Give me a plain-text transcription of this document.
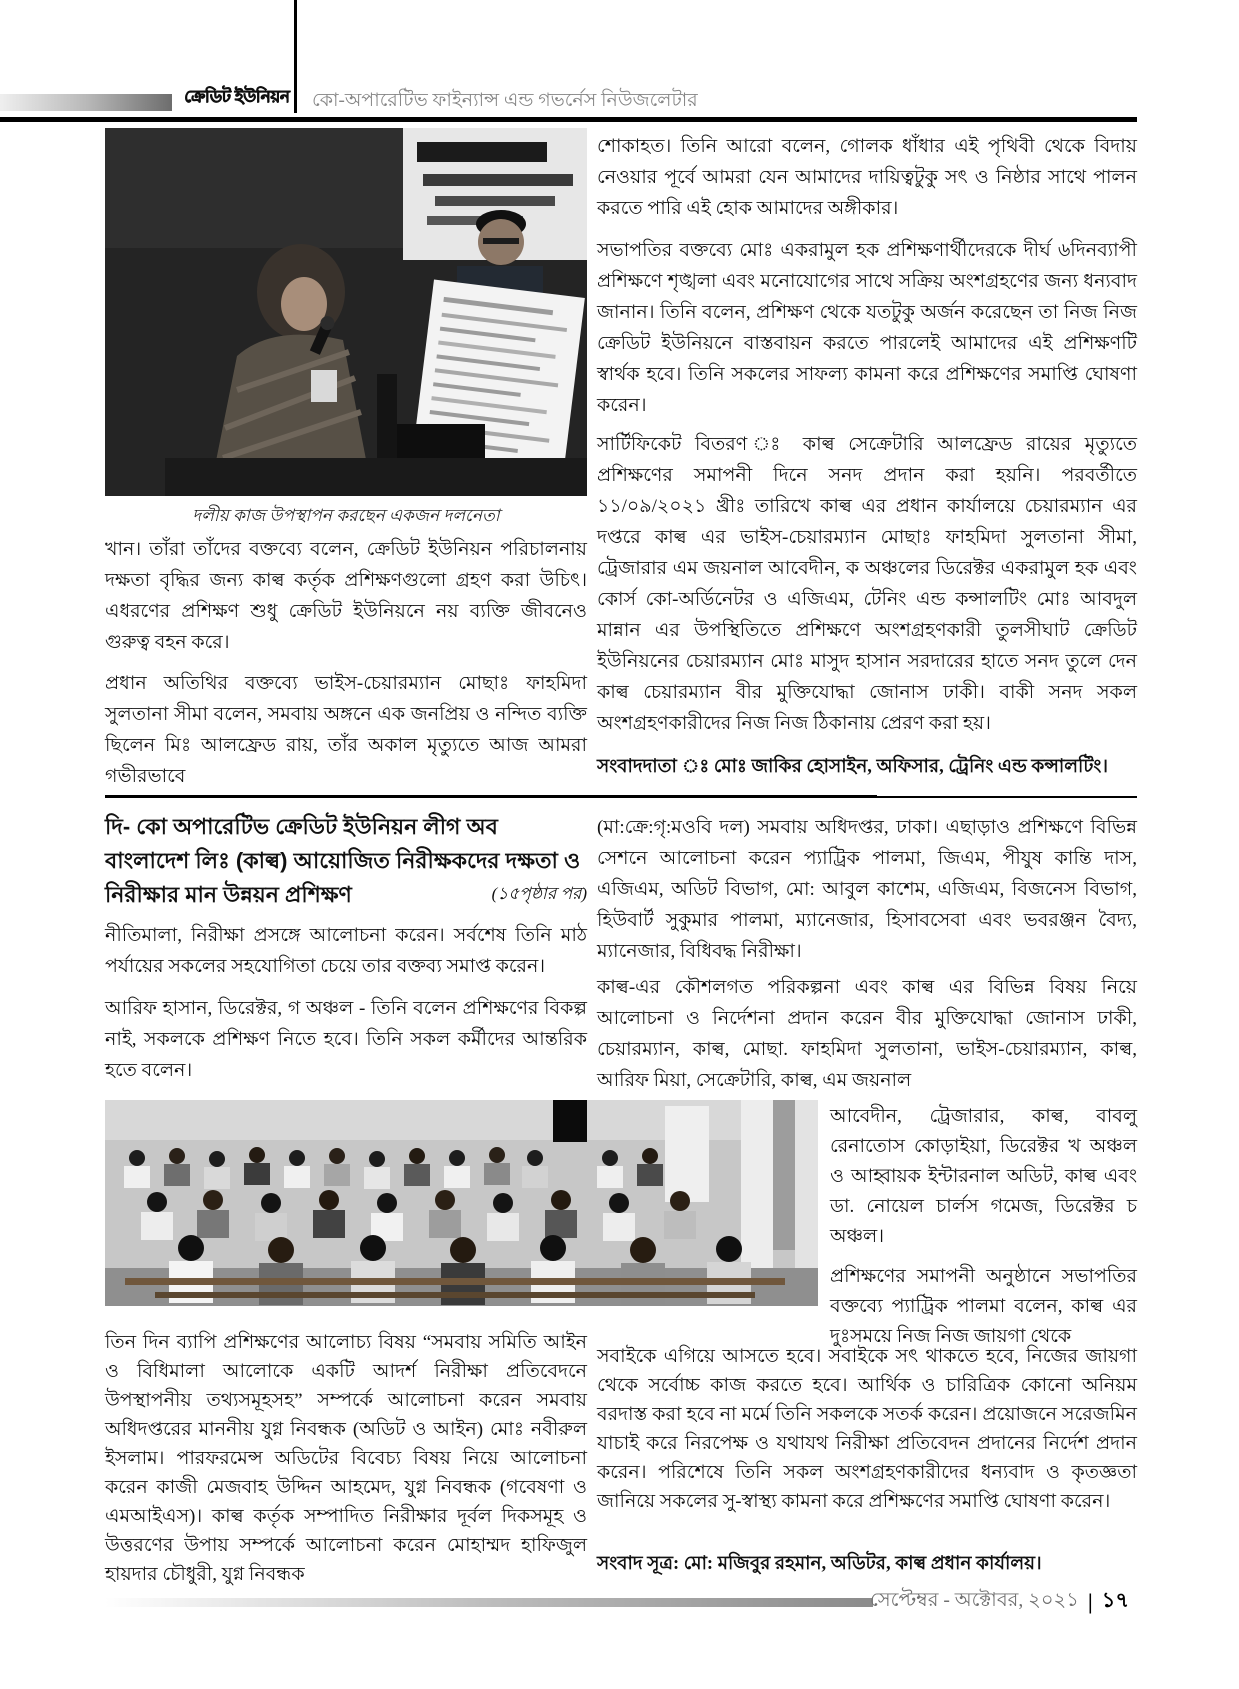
ক্রেডিট ইউনিয়ন	কো-অপারেটিভ ফাইন্যান্স এন্ড গভর্নেস নিউজলেটার
দলীয় কাজ উপস্থাপন করছেন একজন দলনেতা
খান। তাঁরা তাঁদের বক্তব্যে বলেন, ক্রেডিট ইউনিয়ন পরিচালনায় দক্ষতা বৃদ্ধির জন্য কাল্ব কর্তৃক প্রশিক্ষণগুলো গ্রহণ করা উচিৎ। এধরণের প্রশিক্ষণ শুধু ক্রেডিট ইউনিয়নে নয় ব্যক্তি জীবনেও গুরুত্ব বহন করে।
প্রধান অতিথির বক্তব্যে ভাইস-চেয়ারম্যান মোছাঃ ফাহমিদা সুলতানা সীমা বলেন, সমবায় অঙ্গনে এক জনপ্রিয় ও নন্দিত ব্যক্তি ছিলেন মিঃ আলফ্রেড রায়, তাঁর অকাল মৃত্যুতে আজ আমরা গভীরভাবে
শোকাহত। তিনি আরো বলেন, গোলক ধাঁধার এই পৃথিবী থেকে বিদায় নেওয়ার পূর্বে আমরা যেন আমাদের দায়িত্বটুকু সৎ ও নিষ্ঠার সাথে পালন করতে পারি এই হোক আমাদের অঙ্গীকার।
সভাপতির বক্তব্যে মোঃ একরামুল হক প্রশিক্ষণার্থীদেরকে দীর্ঘ ৬দিনব্যাপী প্রশিক্ষণে শৃঙ্খলা এবং মনোযোগের সাথে সক্রিয় অংশগ্রহণের জন্য ধন্যবাদ জানান। তিনি বলেন, প্রশিক্ষণ থেকে যতটুকু অর্জন করেছেন তা নিজ নিজ ক্রেডিট ইউনিয়নে বাস্তবায়ন করতে পারলেই আমাদের এই প্রশিক্ষণটি স্বার্থক হবে। তিনি সকলের সাফল্য কামনা করে প্রশিক্ষণের সমাপ্তি ঘোষণা করেন।
সার্টিফিকেট বিতরণ ঃ কাল্ব সেক্রেটারি আলফ্রেড রায়ের মৃত্যুতে প্রশিক্ষণের সমাপনী দিনে সনদ প্রদান করা হয়নি। পরবর্তীতে ১১/০৯/২০২১ খ্রীঃ তারিখে কাল্ব এর প্রধান কার্যালয়ে চেয়ারম্যান এর দপ্তরে কাল্ব এর ভাইস-চেয়ারম্যান মোছাঃ ফাহমিদা সুলতানা সীমা, ট্রেজারার এম জয়নাল আবেদীন, ক অঞ্চলের ডিরেক্টর একরামুল হক এবং কোর্স কো-অর্ডিনেটর ও এজিএম, টেনিং এন্ড কন্সালটিং মোঃ আবদুল মান্নান এর উপস্থিতিতে প্রশিক্ষণে অংশগ্রহণকারী তুলসীঘাট ক্রেডিট ইউনিয়নের চেয়ারম্যান মোঃ মাসুদ হাসান সরদারের হাতে সনদ তুলে দেন কাল্ব চেয়ারম্যান বীর মুক্তিযোদ্ধা জোনাস ঢাকী। বাকী সনদ সকল অংশগ্রহণকারীদের নিজ নিজ ঠিকানায় প্রেরণ করা হয়।
সংবাদদাতা ঃ মোঃ জাকির হোসাইন, অফিসার, ট্রেনিং এন্ড কন্সালটিং।
দি- কো অপারেটিভ ক্রেডিট ইউনিয়ন লীগ অব বাংলাদেশ লিঃ (কাল্ব) আয়োজিত নিরীক্ষকদের দক্ষতা ও নিরীক্ষার মান উন্নয়ন প্রশিক্ষণ	(১৫পৃষ্ঠার পর)
নীতিমালা, নিরীক্ষা প্রসঙ্গে আলোচনা করেন। সর্বশেষ তিনি মাঠ পর্যায়ের সকলের সহযোগিতা চেয়ে তার বক্তব্য সমাপ্ত করেন।
আরিফ হাসান, ডিরেক্টর, গ অঞ্চল - তিনি বলেন প্রশিক্ষণের বিকল্প নাই, সকলকে প্রশিক্ষণ নিতে হবে। তিনি সকল কর্মীদের আন্তরিক হতে বলেন।
(মা:ক্রে:গৃ:মওবি দল) সমবায় অধিদপ্তর, ঢাকা। এছাড়াও প্রশিক্ষণে বিভিন্ন সেশনে আলোচনা করেন প্যাট্রিক পালমা, জিএম, পীযুষ কান্তি দাস, এজিএম, অডিট বিভাগ, মো: আবুল কাশেম, এজিএম, বিজনেস বিভাগ, হিউবার্ট সুকুমার পালমা, ম্যানেজার, হিসাবসেবা এবং ভবরঞ্জন বৈদ্য, ম্যানেজার, বিধিবদ্ধ নিরীক্ষা।
কাল্ব-এর কৌশলগত পরিকল্পনা এবং কাল্ব এর বিভিন্ন বিষয় নিয়ে আলোচনা ও নির্দেশনা প্রদান করেন বীর মুক্তিযোদ্ধা জোনাস ঢাকী, চেয়ারম্যান, কাল্ব, মোছা. ফাহমিদা সুলতানা, ভাইস-চেয়ারম্যান, কাল্ব, আরিফ মিয়া, সেক্রেটারি, কাল্ব, এম জয়নাল
আবেদীন, ট্রেজারার, কাল্ব, বাবলু রেনাতোস কোড়াইয়া, ডিরেক্টর খ অঞ্চল ও আহ্বায়ক ইন্টারনাল অডিট, কাল্ব এবং ডা. নোয়েল চার্লস গমেজ, ডিরেক্টর চ অঞ্চল।
প্রশিক্ষণের সমাপনী অনুষ্ঠানে সভাপতির বক্তব্যে প্যাট্রিক পালমা বলেন, কাল্ব এর দুঃসময়ে নিজ নিজ জায়গা থেকে
তিন দিন ব্যাপি প্রশিক্ষণের আলোচ্য বিষয় “সমবায় সমিতি আইন ও বিধিমালা আলোকে একটি আদর্শ নিরীক্ষা প্রতিবেদনে উপস্থাপনীয় তথ্যসমূহসহ” সম্পর্কে আলোচনা করেন সমবায় অধিদপ্তরের মাননীয় যুগ্ন নিবন্ধক (অডিট ও আইন) মোঃ নবীরুল ইসলাম। পারফরমেন্স অডিটের বিবেচ্য বিষয় নিয়ে আলোচনা করেন কাজী মেজবাহ উদ্দিন আহমেদ, যুগ্ন নিবন্ধক (গবেষণা ও এমআইএস)। কাল্ব কর্তৃক সম্পাদিত নিরীক্ষার দূর্বল দিকসমূহ ও উত্তরণের উপায় সম্পর্কে আলোচনা করেন মোহাম্মদ হাফিজুল হায়দার চৌধুরী, যুগ্ন নিবন্ধক
সবাইকে এগিয়ে আসতে হবে। সবাইকে সৎ থাকতে হবে, নিজের জায়গা থেকে সর্বোচ্চ কাজ করতে হবে। আর্থিক ও চারিত্রিক কোনো অনিয়ম বরদাস্ত করা হবে না মর্মে তিনি সকলকে সতর্ক করেন। প্রয়োজনে সরেজমিন যাচাই করে নিরপেক্ষ ও যথাযথ নিরীক্ষা প্রতিবেদন প্রদানের নির্দেশ প্রদান করেন। পরিশেষে তিনি সকল অংশগ্রহণকারীদের ধন্যবাদ ও কৃতজ্ঞতা জানিয়ে সকলের সু-স্বাস্থ্য কামনা করে প্রশিক্ষণের সমাপ্তি ঘোষণা করেন।
সংবাদ সূত্র: মো: মজিবুর রহমান, অডিটর, কাল্ব প্রধান কার্যালয়।
সেপ্টেম্বর - অক্টোবর, ২০২১ | ১৭
